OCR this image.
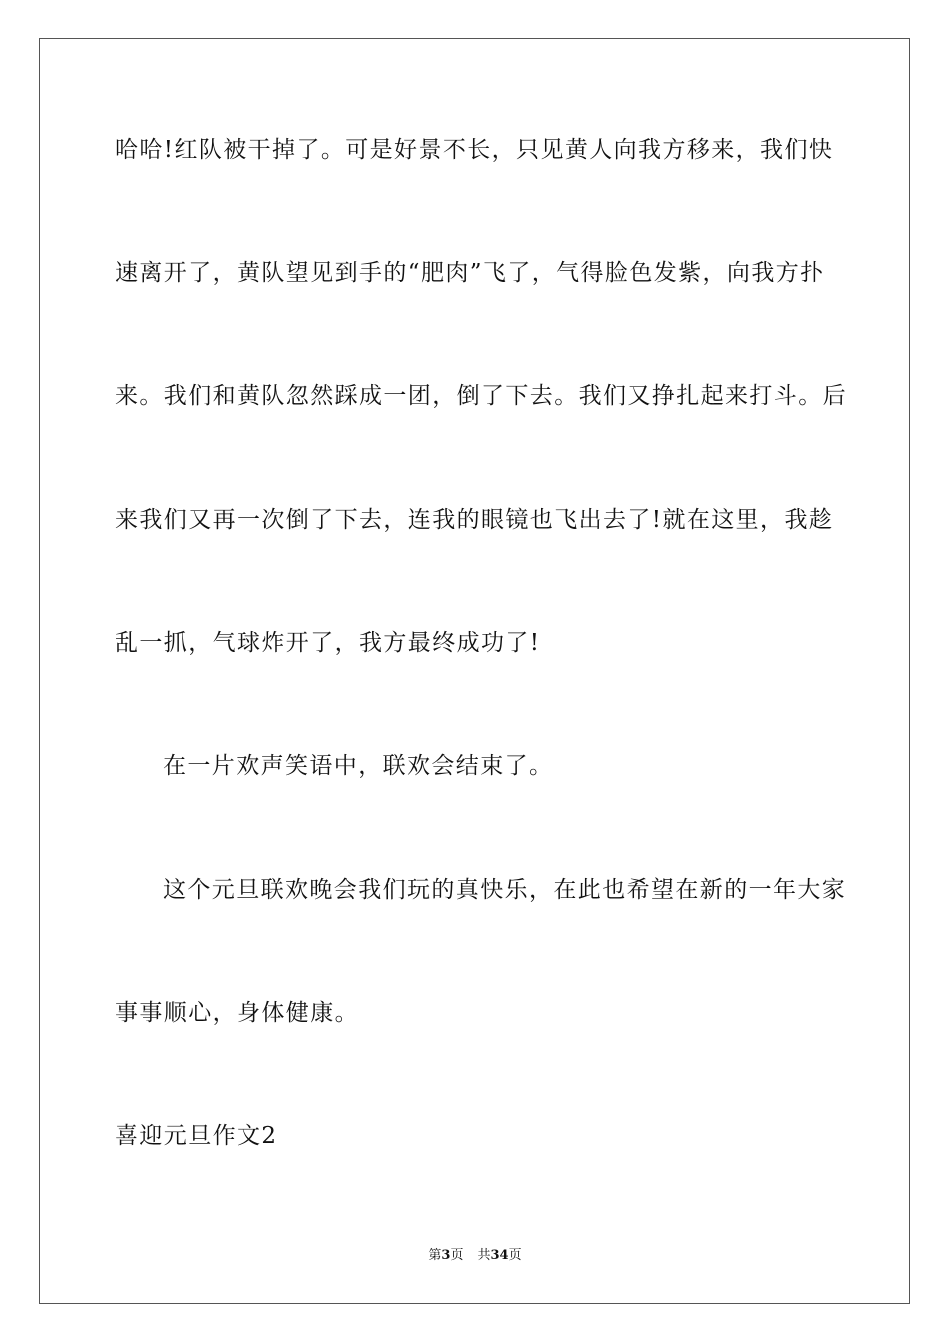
哈哈!红队被干掉了。可是好景不长，只见黄人向我方移来，我们快
速离开了，黄队望见到手的“肥肉”飞了，气得脸色发紫，向我方扑
来。我们和黄队忽然踩成一团，倒了下去。我们又挣扎起来打斗。后
来我们又再一次倒了下去，连我的眼镜也飞出去了!就在这里，我趁
乱一抓，气球炸开了，我方最终成功了!
在一片欢声笑语中，联欢会结束了。
这个元旦联欢晚会我们玩的真快乐，在此也希望在新的一年大家
事事顺心，身体健康。
喜迎元旦作文2
第3页 共34页
